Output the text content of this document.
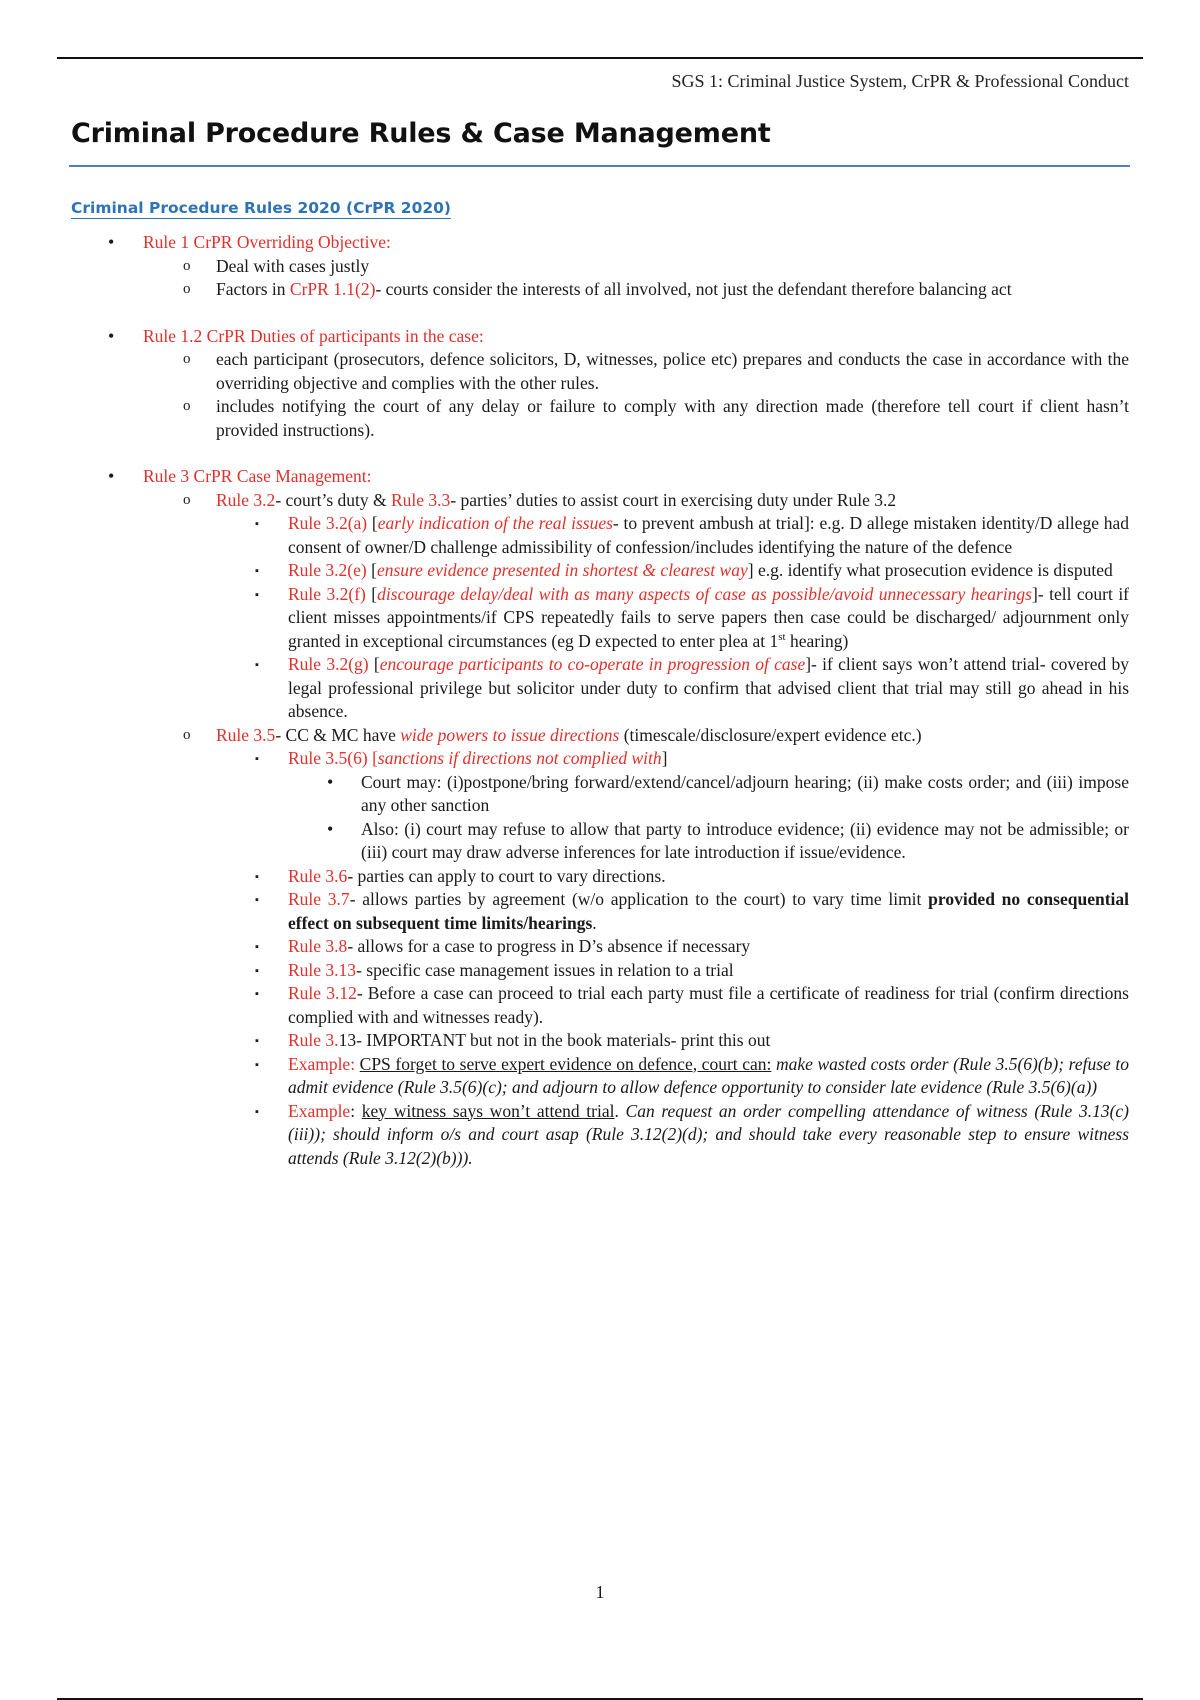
SGS 1: Criminal Justice System, CrPR & Professional Conduct
Criminal Procedure Rules & Case Management
Criminal Procedure Rules 2020 (CrPR 2020)
• Rule 1 CrPR Overriding Objective:
o Deal with cases justly
o Factors in CrPR 1.1(2)- courts consider the interests of all involved, not just the defendant therefore balancing act
• Rule 1.2 CrPR Duties of participants in the case:
o each participant (prosecutors, defence solicitors, D, witnesses, police etc) prepares and conducts the case in accordance with the overriding objective and complies with the other rules.
o includes notifying the court of any delay or failure to comply with any direction made (therefore tell court if client hasn’t provided instructions).
• Rule 3 CrPR Case Management:
o Rule 3.2- court’s duty & Rule 3.3- parties’ duties to assist court in exercising duty under Rule 3.2
▪ Rule 3.2(a) [early indication of the real issues- to prevent ambush at trial]: e.g. D allege mistaken identity/D allege had consent of owner/D challenge admissibility of confession/includes identifying the nature of the defence
▪ Rule 3.2(e) [ensure evidence presented in shortest & clearest way] e.g. identify what prosecution evidence is disputed
▪ Rule 3.2(f) [discourage delay/deal with as many aspects of case as possible/avoid unnecessary hearings]- tell court if client misses appointments/if CPS repeatedly fails to serve papers then case could be discharged/ adjournment only granted in exceptional circumstances (eg D expected to enter plea at 1st hearing)
▪ Rule 3.2(g) [encourage participants to co-operate in progression of case]- if client says won’t attend trial- covered by legal professional privilege but solicitor under duty to confirm that advised client that trial may still go ahead in his absence.
o Rule 3.5- CC & MC have wide powers to issue directions (timescale/disclosure/expert evidence etc.)
▪ Rule 3.5(6) [sanctions if directions not complied with]
• Court may: (i)postpone/bring forward/extend/cancel/adjourn hearing; (ii) make costs order; and (iii) impose any other sanction
• Also: (i) court may refuse to allow that party to introduce evidence; (ii) evidence may not be admissible; or (iii) court may draw adverse inferences for late introduction if issue/evidence.
▪ Rule 3.6- parties can apply to court to vary directions.
▪ Rule 3.7- allows parties by agreement (w/o application to the court) to vary time limit provided no consequential effect on subsequent time limits/hearings.
▪ Rule 3.8- allows for a case to progress in D’s absence if necessary
▪ Rule 3.13- specific case management issues in relation to a trial
▪ Rule 3.12- Before a case can proceed to trial each party must file a certificate of readiness for trial (confirm directions complied with and witnesses ready).
▪ Rule 3.13- IMPORTANT but not in the book materials- print this out
▪ Example: CPS forget to serve expert evidence on defence, court can: make wasted costs order (Rule 3.5(6)(b); refuse to admit evidence (Rule 3.5(6)(c); and adjourn to allow defence opportunity to consider late evidence (Rule 3.5(6)(a))
▪ Example: key witness says won’t attend trial. Can request an order compelling attendance of witness (Rule 3.13(c)(iii)); should inform o/s and court asap (Rule 3.12(2)(d); and should take every reasonable step to ensure witness attends (Rule 3.12(2)(b))).
1
